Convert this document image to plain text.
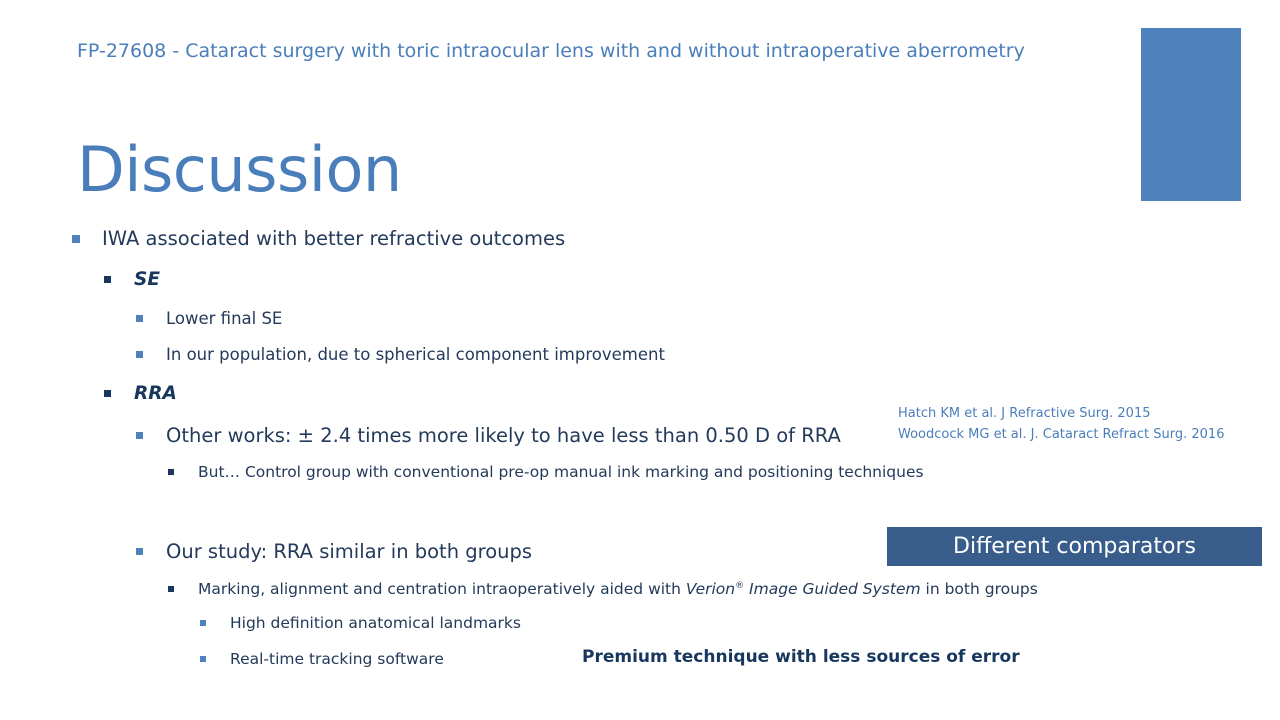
FP-27608 - Cataract surgery with toric intraocular lens with and without intraoperative aberrometry
Discussion
IWA associated with better refractive outcomes
SE
Lower final SE
In our population, due to spherical component improvement
RRA
Other works: ± 2.4 times more likely to have less than 0.50 D of RRA
But… Control group with conventional pre-op manual ink marking and positioning techniques
Our study: RRA similar in both groups
Marking, alignment and centration intraoperatively aided with Verion® Image Guided System in both groups
High definition anatomical landmarks
Real-time tracking software
Hatch KM et al. J Refractive Surg. 2015
Woodcock MG et al. J. Cataract Refract Surg. 2016
Different comparators
Premium technique with less sources of error
